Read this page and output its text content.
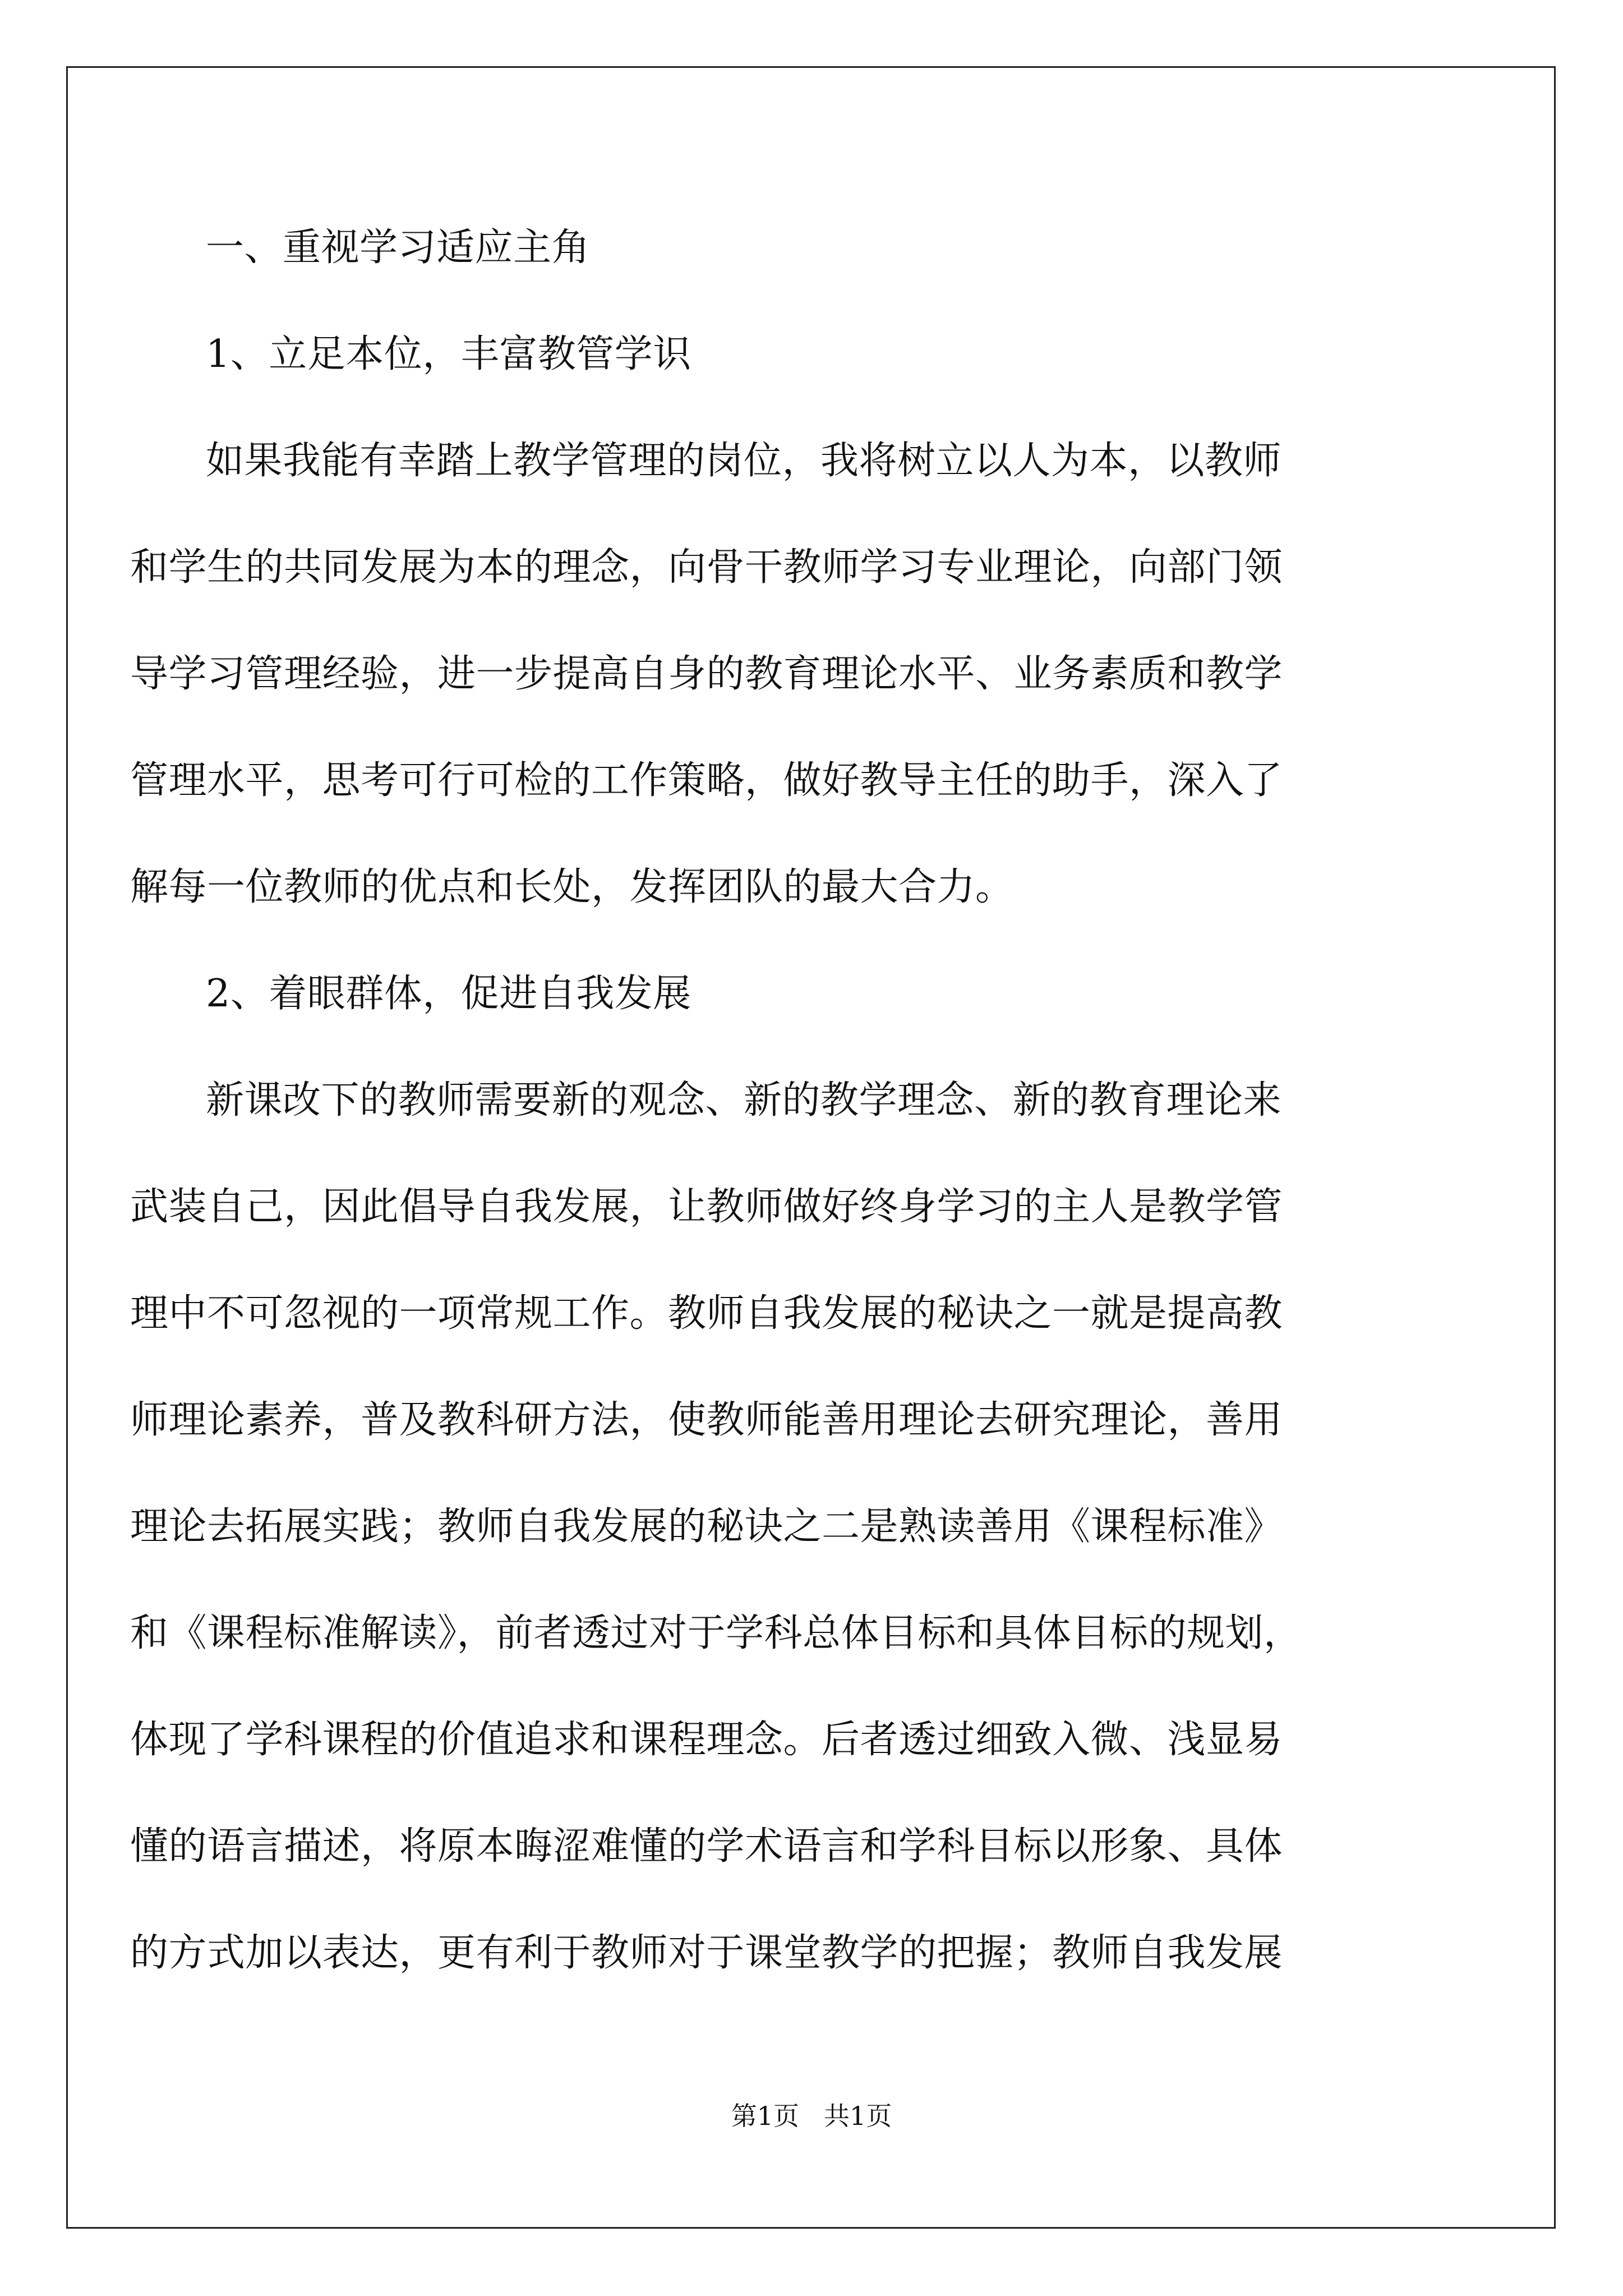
一、重视学习适应主角
1、立足本位，丰富教管学识
如果我能有幸踏上教学管理的岗位，我将树立以人为本，以教师
和学生的共同发展为本的理念，向骨干教师学习专业理论，向部门领
导学习管理经验，进一步提高自身的教育理论水平、业务素质和教学
管理水平，思考可行可检的工作策略，做好教导主任的助手，深入了
解每一位教师的优点和长处，发挥团队的最大合力。
2、着眼群体，促进自我发展
新课改下的教师需要新的观念、新的教学理念、新的教育理论来
武装自己，因此倡导自我发展，让教师做好终身学习的主人是教学管
理中不可忽视的一项常规工作。教师自我发展的秘诀之一就是提高教
师理论素养，普及教科研方法，使教师能善用理论去研究理论，善用
理论去拓展实践；教师自我发展的秘诀之二是熟读善用《课程标准》
和《课程标准解读》，前者透过对于学科总体目标和具体目标的规划，
体现了学科课程的价值追求和课程理念。后者透过细致入微、浅显易
懂的语言描述，将原本晦涩难懂的学术语言和学科目标以形象、具体
的方式加以表达，更有利于教师对于课堂教学的把握；教师自我发展
第1页 共1页
